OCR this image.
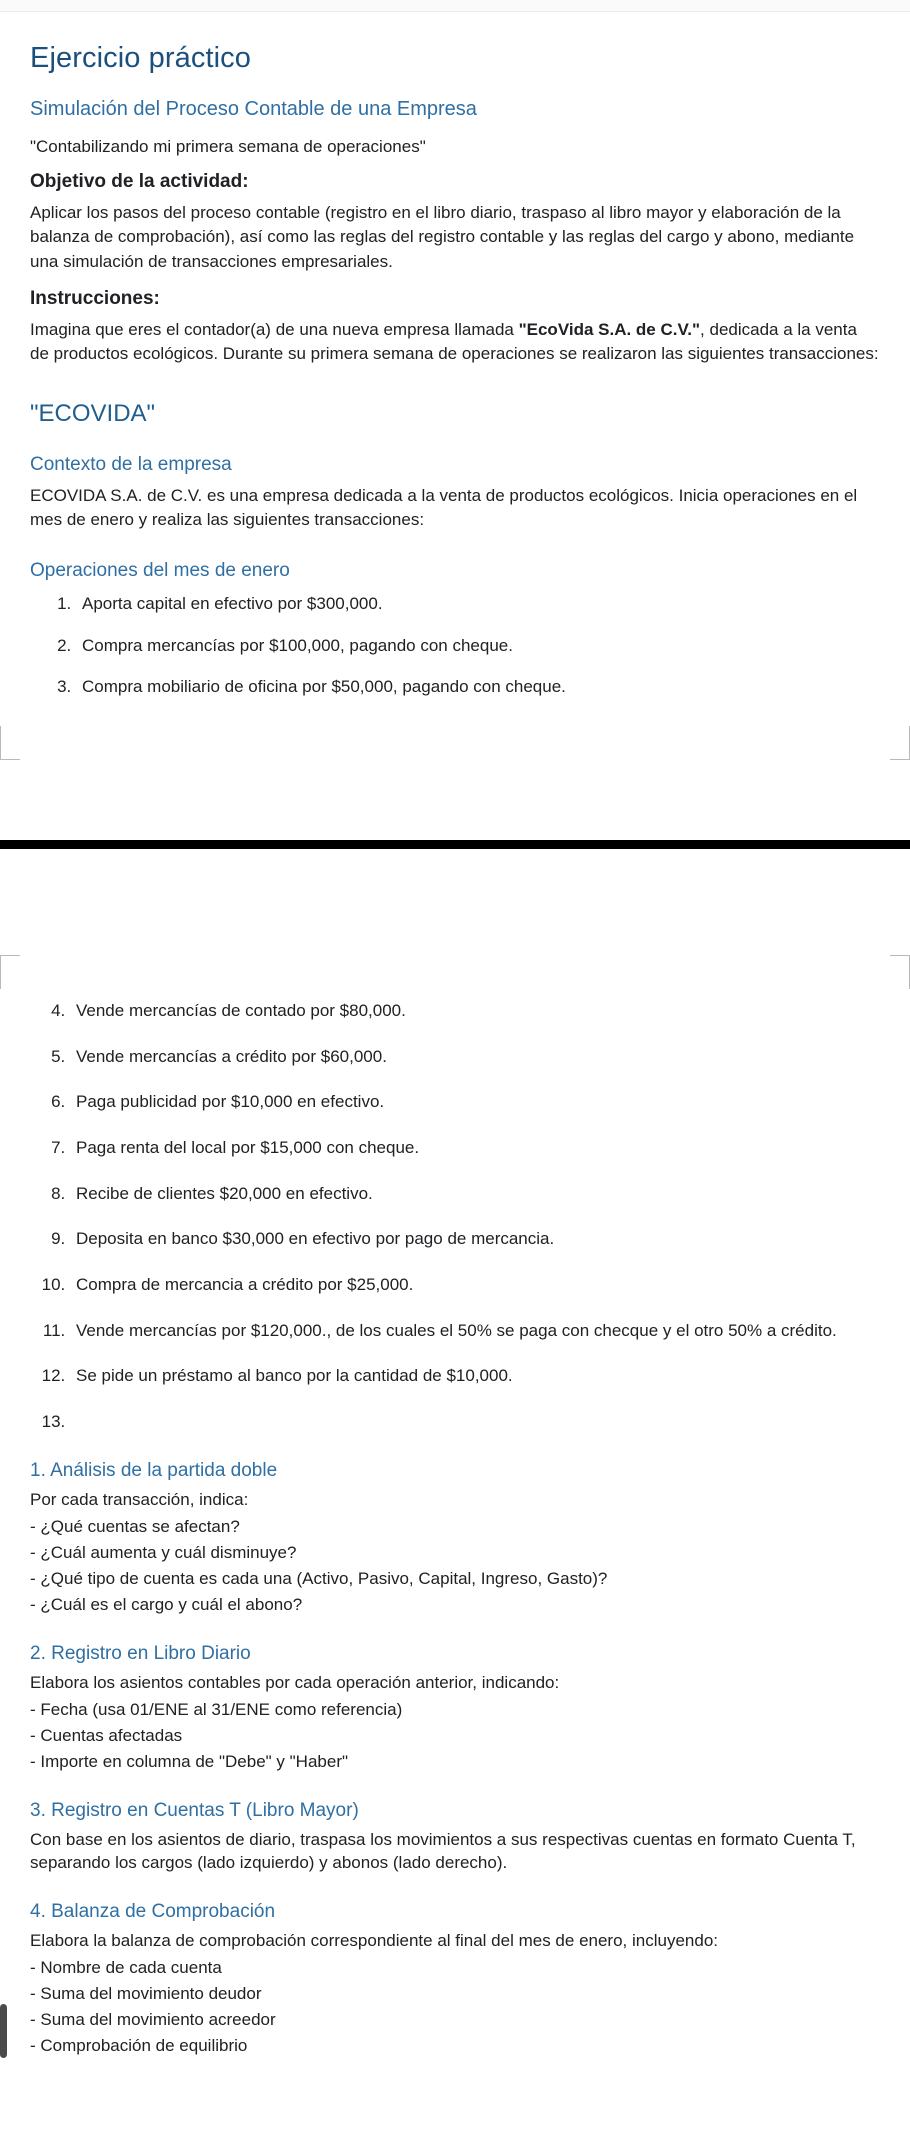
Ejercicio práctico
Simulación del Proceso Contable de una Empresa

"Contabilizando mi primera semana de operaciones"

Objetivo de la actividad:

Aplicar los pasos del proceso contable (registro en el libro diario, traspaso al libro mayor y elaboración de la balanza de comprobación), así como las reglas del registro contable y las reglas del cargo y abono, mediante una simulación de transacciones empresariales.

Instrucciones:

Imagina que eres el contador(a) de una nueva empresa llamada "EcoVida S.A. de C.V.", dedicada a la venta de productos ecológicos. Durante su primera semana de operaciones se realizaron las siguientes transacciones:

"ECOVIDA"
Contexto de la empresa

ECOVIDA S.A. de C.V. es una empresa dedicada a la venta de productos ecológicos. Inicia operaciones en el mes de enero y realiza las siguientes transacciones:

Operaciones del mes de enero
1. Aporta capital en efectivo por $300,000.
2. Compra mercancías por $100,000, pagando con cheque.
3. Compra mobiliario de oficina por $50,000, pagando con cheque.
4. Vende mercancías de contado por $80,000.
5. Vende mercancías a crédito por $60,000.
6. Paga publicidad por $10,000 en efectivo.
7. Paga renta del local por $15,000 con cheque.
8. Recibe de clientes $20,000 en efectivo.
9. Deposita en banco $30,000 en efectivo por pago de mercancia.
10. Compra de mercancia a crédito por $25,000.
11. Vende mercancías por $120,000., de los cuales el 50% se paga con checque y el otro 50% a crédito.
12. Se pide un préstamo al banco por la cantidad de $10,000.
13.
1. Análisis de la partida doble
Por cada transacción, indica:
- ¿Qué cuentas se afectan?
- ¿Cuál aumenta y cuál disminuye?
- ¿Qué tipo de cuenta es cada una (Activo, Pasivo, Capital, Ingreso, Gasto)?
- ¿Cuál es el cargo y cuál el abono?
2. Registro en Libro Diario
Elabora los asientos contables por cada operación anterior, indicando:
- Fecha (usa 01/ENE al 31/ENE como referencia)
- Cuentas afectadas
- Importe en columna de "Debe" y "Haber"
3. Registro en Cuentas T (Libro Mayor)
Con base en los asientos de diario, traspasa los movimientos a sus respectivas cuentas en formato Cuenta T, separando los cargos (lado izquierdo) y abonos (lado derecho).
4. Balanza de Comprobación
Elabora la balanza de comprobación correspondiente al final del mes de enero, incluyendo:
- Nombre de cada cuenta
- Suma del movimiento deudor
- Suma del movimiento acreedor
- Comprobación de equilibrio
